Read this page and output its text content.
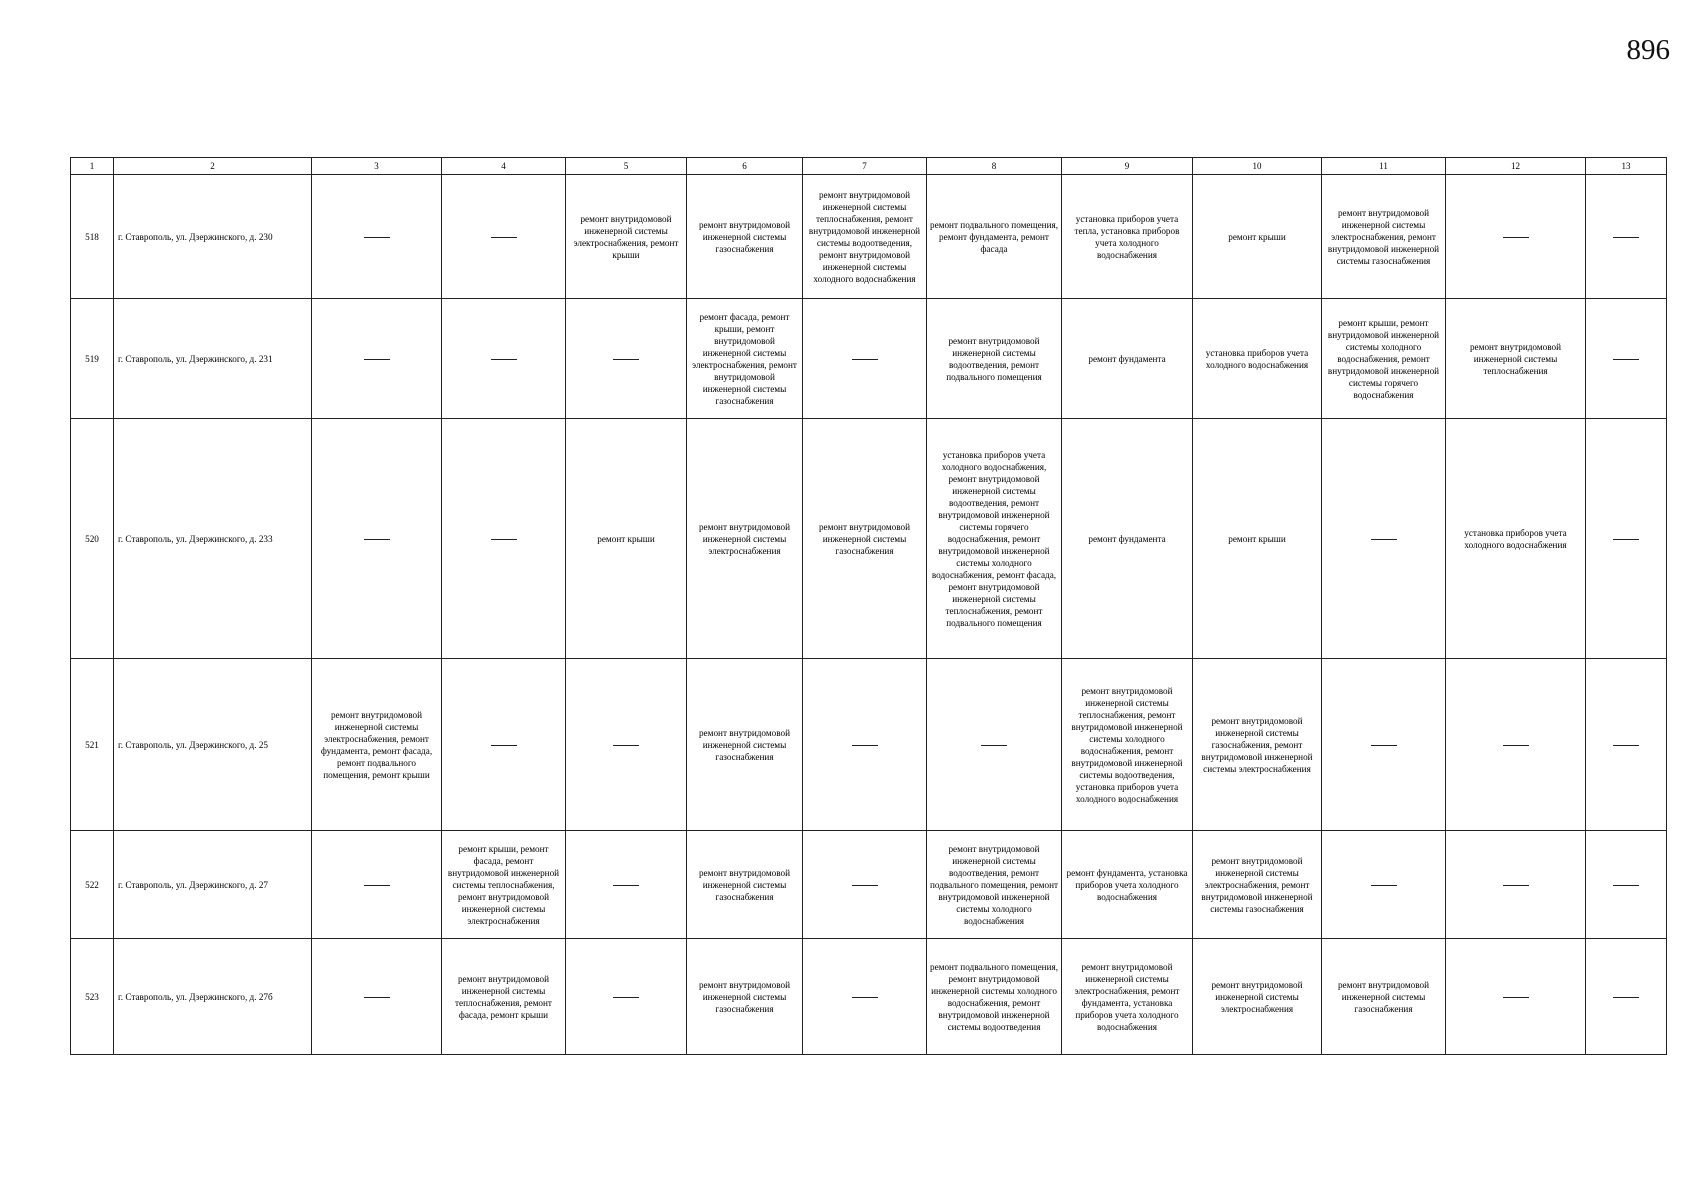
896
1	2	3	4	5	6	7	8	9	10	11	12	13
518	г. Ставрополь, ул. Дзержинского, д. 230			ремонт внутридомовой инженерной системы электроснабжения, ремонт крыши	ремонт внутридомовой инженерной системы газоснабжения	ремонт внутридомовой инженерной системы теплоснабжения, ремонт внутридомовой инженерной системы водоотведения, ремонт внутридомовой инженерной системы холодного водоснабжения	ремонт подвального помещения, ремонт фундамента, ремонт фасада	установка приборов учета тепла, установка приборов учета холодного водоснабжения	ремонт крыши	ремонт внутридомовой инженерной системы электроснабжения, ремонт внутридомовой инженерной системы газоснабжения		
519	г. Ставрополь, ул. Дзержинского, д. 231				ремонт фасада, ремонт крыши, ремонт внутридомовой инженерной системы электроснабжения, ремонт внутридомовой инженерной системы газоснабжения		ремонт внутридомовой инженерной системы водоотведения, ремонт подвального помещения	ремонт фундамента	установка приборов учета холодного водоснабжения	ремонт крыши, ремонт внутридомовой инженерной системы холодного водоснабжения, ремонт внутридомовой инженерной системы горячего водоснабжения	ремонт внутридомовой инженерной системы теплоснабжения	
520	г. Ставрополь, ул. Дзержинского, д. 233			ремонт крыши	ремонт внутридомовой инженерной системы электроснабжения	ремонт внутридомовой инженерной системы газоснабжения	установка приборов учета холодного водоснабжения, ремонт внутридомовой инженерной системы водоотведения, ремонт внутридомовой инженерной системы горячего водоснабжения, ремонт внутридомовой инженерной системы холодного водоснабжения, ремонт фасада, ремонт внутридомовой инженерной системы теплоснабжения, ремонт подвального помещения	ремонт фундамента	ремонт крыши		установка приборов учета холодного водоснабжения	
521	г. Ставрополь, ул. Дзержинского, д. 25	ремонт внутридомовой инженерной системы электроснабжения, ремонт фундамента, ремонт фасада, ремонт подвального помещения, ремонт крыши			ремонт внутридомовой инженерной системы газоснабжения			ремонт внутридомовой инженерной системы теплоснабжения, ремонт внутридомовой инженерной системы холодного водоснабжения, ремонт внутридомовой инженерной системы водоотведения, установка приборов учета холодного водоснабжения	ремонт внутридомовой инженерной системы газоснабжения, ремонт внутридомовой инженерной системы электроснабжения			
522	г. Ставрополь, ул. Дзержинского, д. 27		ремонт крыши, ремонт фасада, ремонт внутридомовой инженерной системы теплоснабжения, ремонт внутридомовой инженерной системы электроснабжения		ремонт внутридомовой инженерной системы газоснабжения		ремонт внутридомовой инженерной системы водоотведения, ремонт подвального помещения, ремонт внутридомовой инженерной системы холодного водоснабжения	ремонт фундамента, установка приборов учета холодного водоснабжения	ремонт внутридомовой инженерной системы электроснабжения, ремонт внутридомовой инженерной системы газоснабжения			
523	г. Ставрополь, ул. Дзержинского, д. 27б		ремонт внутридомовой инженерной системы теплоснабжения, ремонт фасада, ремонт крыши		ремонт внутридомовой инженерной системы газоснабжения		ремонт подвального помещения, ремонт внутридомовой инженерной системы холодного водоснабжения, ремонт внутридомовой инженерной системы водоотведения	ремонт внутридомовой инженерной системы электроснабжения, ремонт фундамента, установка приборов учета холодного водоснабжения	ремонт внутридомовой инженерной системы электроснабжения	ремонт внутридомовой инженерной системы газоснабжения		
